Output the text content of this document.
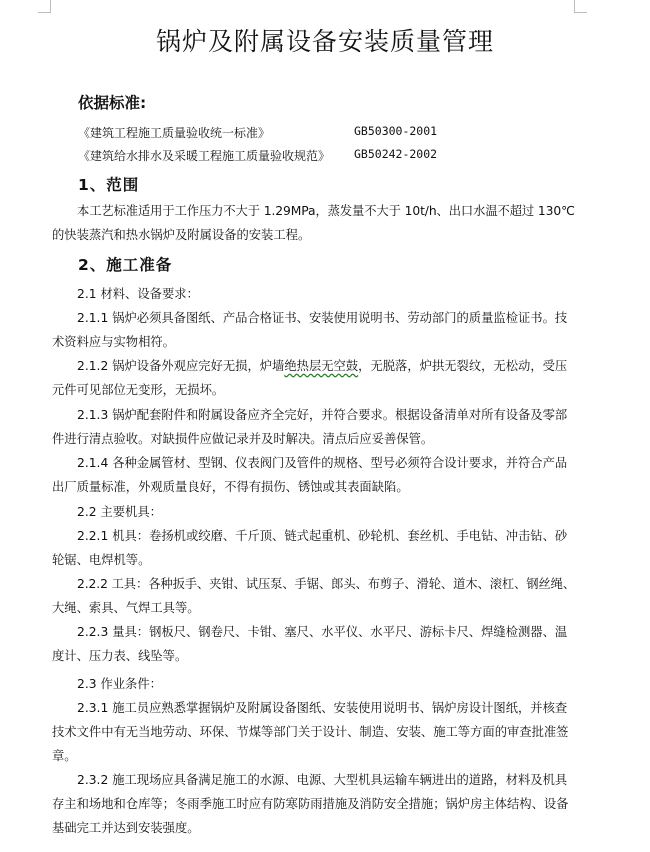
锅炉及附属设备安装质量管理
依据标准:
《建筑工程施工质量验收统一标准》	GB50300-2001
《建筑给水排水及采暖工程施工质量验收规范》	GB50242-2002
1、范围

本工艺标准适用于工作压力不大于 1.29MPa，蒸发量不大于 10t/h、出口水温不超过 130℃
的快装蒸汽和热水锅炉及附属设备的安装工程。

2、施工准备

2.1 材料、设备要求：

2.1.1 锅炉必须具备图纸、产品合格证书、安装使用说明书、劳动部门的质量监检证书。技
术资料应与实物相符。

2.1.2 锅炉设备外观应完好无损，炉墙绝热层无空鼓，无脱落，炉拱无裂纹，无松动，受压
元件可见部位无变形，无损坏。

2.1.3 锅炉配套附件和附属设备应齐全完好，并符合要求。根据设备清单对所有设备及零部
件进行清点验收。对缺损件应做记录并及时解决。清点后应妥善保管。

2.1.4 各种金属管材、型钢、仪表阀门及管件的规格、型号必须符合设计要求，并符合产品
出厂质量标准，外观质量良好，不得有损伤、锈蚀或其表面缺陷。

2.2 主要机具：

2.2.1 机具：卷扬机或绞磨、千斤顶、链式起重机、砂轮机、套丝机、手电钻、冲击钻、砂
轮锯、电焊机等。

2.2.2 工具：各种扳手、夹钳、试压泵、手锯、郎头、布剪子、滑轮、道木、滚杠、钢丝绳、
大绳、索具、气焊工具等。

2.2.3 量具：钢板尺、钢卷尺、卡钳、塞尺、水平仪、水平尺、游标卡尺、焊缝检测器、温
度计、压力表、线坠等。

2.3 作业条件：

2.3.1 施工员应熟悉掌握锅炉及附属设备图纸、安装使用说明书、锅炉房设计图纸，并核查
技术文件中有无当地劳动、环保、节煤等部门关于设计、制造、安装、施工等方面的审查批准签
章。

2.3.2 施工现场应具备满足施工的水源、电源、大型机具运输车辆进出的道路，材料及机具
存主和场地和仓库等；冬雨季施工时应有防寒防雨措施及消防安全措施；锅炉房主体结构、设备
基础完工并达到安装强度。
